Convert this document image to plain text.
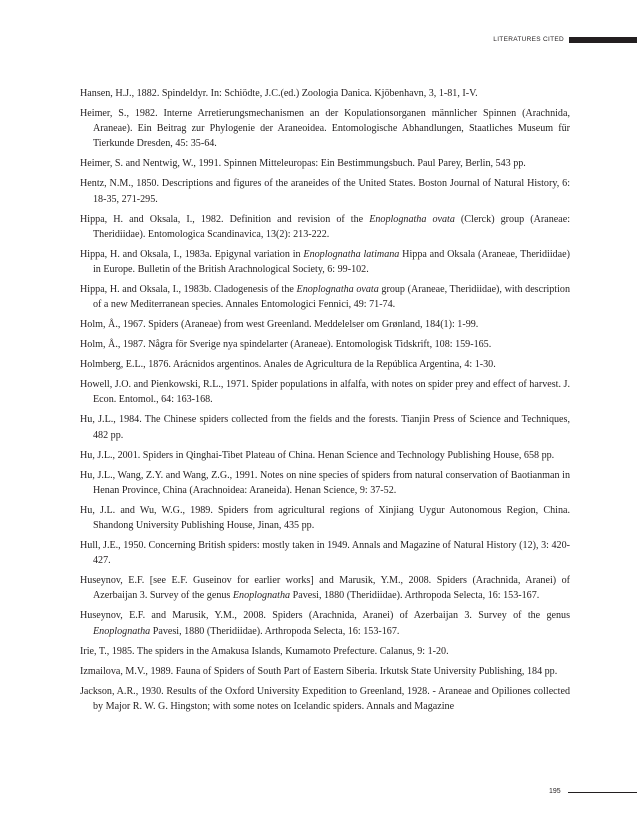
LITERATURES CITED
Hansen, H.J., 1882. Spindeldyr. In: Schiödte, J.C.(ed.) Zoologia Danica. Kjöbenhavn, 3, 1-81, I-V.
Heimer, S., 1982. Interne Arretierungsmechanismen an der Kopulationsorganen männlicher Spinnen (Arachnida, Araneae). Ein Beitrag zur Phylogenie der Araneoidea. Entomologische Abhandlungen, Staatliches Museum für Tierkunde Dresden, 45: 35-64.
Heimer, S. and Nentwig, W., 1991. Spinnen Mitteleuropas: Ein Bestimmungsbuch. Paul Parey, Berlin, 543 pp.
Hentz, N.M., 1850. Descriptions and figures of the araneides of the United States. Boston Journal of Natural History, 6: 18-35, 271-295.
Hippa, H. and Oksala, I., 1982. Definition and revision of the Enoplognatha ovata (Clerck) group (Araneae: Theridiidae). Entomologica Scandinavica, 13(2): 213-222.
Hippa, H. and Oksala, I., 1983a. Epigynal variation in Enoplognatha latimana Hippa and Oksala (Araneae, Theridiidae) in Europe. Bulletin of the British Arachnological Society, 6: 99-102.
Hippa, H. and Oksala, I., 1983b. Cladogenesis of the Enoplognatha ovata group (Araneae, Theridiidae), with description of a new Mediterranean species. Annales Entomologici Fennici, 49: 71-74.
Holm, Å., 1967. Spiders (Araneae) from west Greenland. Meddelelser om Grønland, 184(1): 1-99.
Holm, Å., 1987. Några för Sverige nya spindelarter (Araneae). Entomologisk Tidskrift, 108: 159-165.
Holmberg, E.L., 1876. Arácnidos argentinos. Anales de Agricultura de la República Argentina, 4: 1-30.
Howell, J.O. and Pienkowski, R.L., 1971. Spider populations in alfalfa, with notes on spider prey and effect of harvest. J. Econ. Entomol., 64: 163-168.
Hu, J.L., 1984. The Chinese spiders collected from the fields and the forests. Tianjin Press of Science and Techniques, 482 pp.
Hu, J.L., 2001. Spiders in Qinghai-Tibet Plateau of China. Henan Science and Technology Publishing House, 658 pp.
Hu, J.L., Wang, Z.Y. and Wang, Z.G., 1991. Notes on nine species of spiders from natural conservation of Baotianman in Henan Province, China (Arachnoidea: Araneida). Henan Science, 9: 37-52.
Hu, J.L. and Wu, W.G., 1989. Spiders from agricultural regions of Xinjiang Uygur Autonomous Region, China. Shandong University Publishing House, Jinan, 435 pp.
Hull, J.E., 1950. Concerning British spiders: mostly taken in 1949. Annals and Magazine of Natural History (12), 3: 420-427.
Huseynov, E.F. [see E.F. Guseinov for earlier works] and Marusik, Y.M., 2008. Spiders (Arachnida, Aranei) of Azerbaijan 3. Survey of the genus Enoplognatha Pavesi, 1880 (Theridiidae). Arthropoda Selecta, 16: 153-167.
Huseynov, E.F. and Marusik, Y.M., 2008. Spiders (Arachnida, Aranei) of Azerbaijan 3. Survey of the genus Enoplognatha Pavesi, 1880 (Theridiidae). Arthropoda Selecta, 16: 153-167.
Irie, T., 1985. The spiders in the Amakusa Islands, Kumamoto Prefecture. Calanus, 9: 1-20.
Izmailova, M.V., 1989. Fauna of Spiders of South Part of Eastern Siberia. Irkutsk State University Publishing, 184 pp.
Jackson, A.R., 1930. Results of the Oxford University Expedition to Greenland, 1928. - Araneae and Opiliones collected by Major R. W. G. Hingston; with some notes on Icelandic spiders. Annals and Magazine
195
